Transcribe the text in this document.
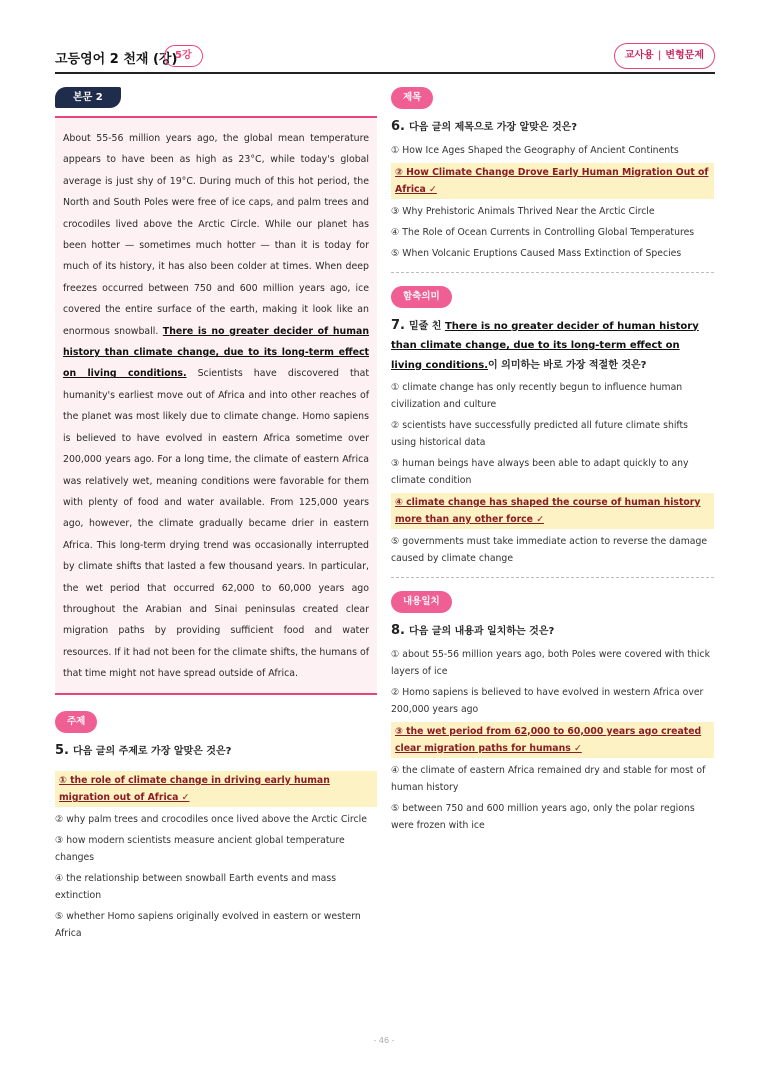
고등영어 2 천재 (강)
5강	교사용 | 변형문제
본문 2
About 55-56 million years ago, the global mean temperature appears to have been as high as 23°C, while today's global average is just shy of 19°C. During much of this hot period, the North and South Poles were free of ice caps, and palm trees and crocodiles lived above the Arctic Circle. While our planet has been hotter — sometimes much hotter — than it is today for much of its history, it has also been colder at times. When deep freezes occurred between 750 and 600 million years ago, ice covered the entire surface of the earth, making it look like an enormous snowball. There is no greater decider of human history than climate change, due to its long-term effect on living conditions. Scientists have discovered that humanity's earliest move out of Africa and into other reaches of the planet was most likely due to climate change. Homo sapiens is believed to have evolved in eastern Africa sometime over 200,000 years ago. For a long time, the climate of eastern Africa was relatively wet, meaning conditions were favorable for them with plenty of food and water available. From 125,000 years ago, however, the climate gradually became drier in eastern Africa. This long-term drying trend was occasionally interrupted by climate shifts that lasted a few thousand years. In particular, the wet period that occurred 62,000 to 60,000 years ago throughout the Arabian and Sinai peninsulas created clear migration paths by providing sufficient food and water resources. If it had not been for the climate shifts, the humans of that time might not have spread outside of Africa.
주제
5. 다음 글의 주제로 가장 알맞은 것은?
① the role of climate change in driving early human migration out of Africa ✓
② why palm trees and crocodiles once lived above the Arctic Circle
③ how modern scientists measure ancient global temperature changes
④ the relationship between snowball Earth events and mass extinction
⑤ whether Homo sapiens originally evolved in eastern or western Africa
제목
6. 다음 글의 제목으로 가장 알맞은 것은?
① How Ice Ages Shaped the Geography of Ancient Continents
② How Climate Change Drove Early Human Migration Out of Africa ✓
③ Why Prehistoric Animals Thrived Near the Arctic Circle
④ The Role of Ocean Currents in Controlling Global Temperatures
⑤ When Volcanic Eruptions Caused Mass Extinction of Species
함축의미
7. 밑줄 친 There is no greater decider of human history than climate change, due to its long-term effect on living conditions.이 의미하는 바로 가장 적절한 것은?
① climate change has only recently begun to influence human civilization and culture
② scientists have successfully predicted all future climate shifts using historical data
③ human beings have always been able to adapt quickly to any climate condition
④ climate change has shaped the course of human history more than any other force ✓
⑤ governments must take immediate action to reverse the damage caused by climate change
내용일치
8. 다음 글의 내용과 일치하는 것은?
① about 55-56 million years ago, both Poles were covered with thick layers of ice
② Homo sapiens is believed to have evolved in western Africa over 200,000 years ago
③ the wet period from 62,000 to 60,000 years ago created clear migration paths for humans ✓
④ the climate of eastern Africa remained dry and stable for most of human history
⑤ between 750 and 600 million years ago, only the polar regions were frozen with ice
- 46 -
